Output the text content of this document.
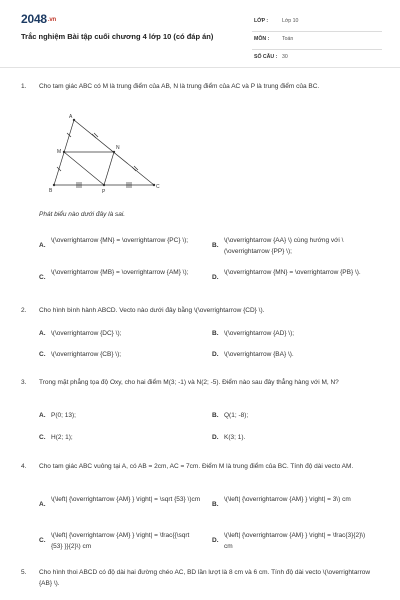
2048.vn
Trắc nghiệm Bài tập cuối chương 4 lớp 10 (có đáp án)
LỚP :	Lớp 10
MÔN : Toán
SỐ CÂU : 30
1. Cho tam giác ABC có M là trung điểm của AB, N là trung điểm của AC và P là trung điểm của BC.
A
M
N
B	P
C
Phát biểu nào dưới đây là sai.
A.
\(\overrightarrow {MN} = \overrightarrow {PC} \);
B.
\(\overrightarrow {AA} \) cùng hướng với \(\overrightarrow {PP} \);
C.
\(\overrightarrow {MB} = \overrightarrow {AM} \);
D.
\(\overrightarrow {MN} = \overrightarrow {PB} \).
2. Cho hình bình hành ABCD. Vecto nào dưới đây bằng \(\overrightarrow {CD} \).
A. \(\overrightarrow {DC} \);	B. \(\overrightarrow {AD} \);
C. \(\overrightarrow {CB} \);	D. \(\overrightarrow {BA} \).
3. Trong mặt phẳng tọa độ Oxy, cho hai điểm M(3; -1) và N(2; -5). Điểm nào sau đây thẳng hàng với M, N?
A. P(0; 13);	B. Q(1; -8);
C. H(2; 1);	D. K(3; 1).
4. Cho tam giác ABC vuông tại A, có AB = 2cm, AC = 7cm. Điểm M là trung điểm của BC. Tính độ dài vecto AM.
A.
\(\left| {\overrightarrow {AM} } \right| = \sqrt {53} \)cm
B.
\(\left| {\overrightarrow {AM} } \right| = 3\) cm
C.
\(\left| {\overrightarrow {AM} } \right| = \frac{{\sqrt {53} }}{2}\) cm
D.
\(\left| {\overrightarrow {AM} } \right| = \frac{3}{2}\) cm
5. Cho hình thoi ABCD có độ dài hai đường chéo AC, BD lần lượt là 8 cm và 6 cm. Tính độ dài vecto \(\overrightarrow {AB} \).
